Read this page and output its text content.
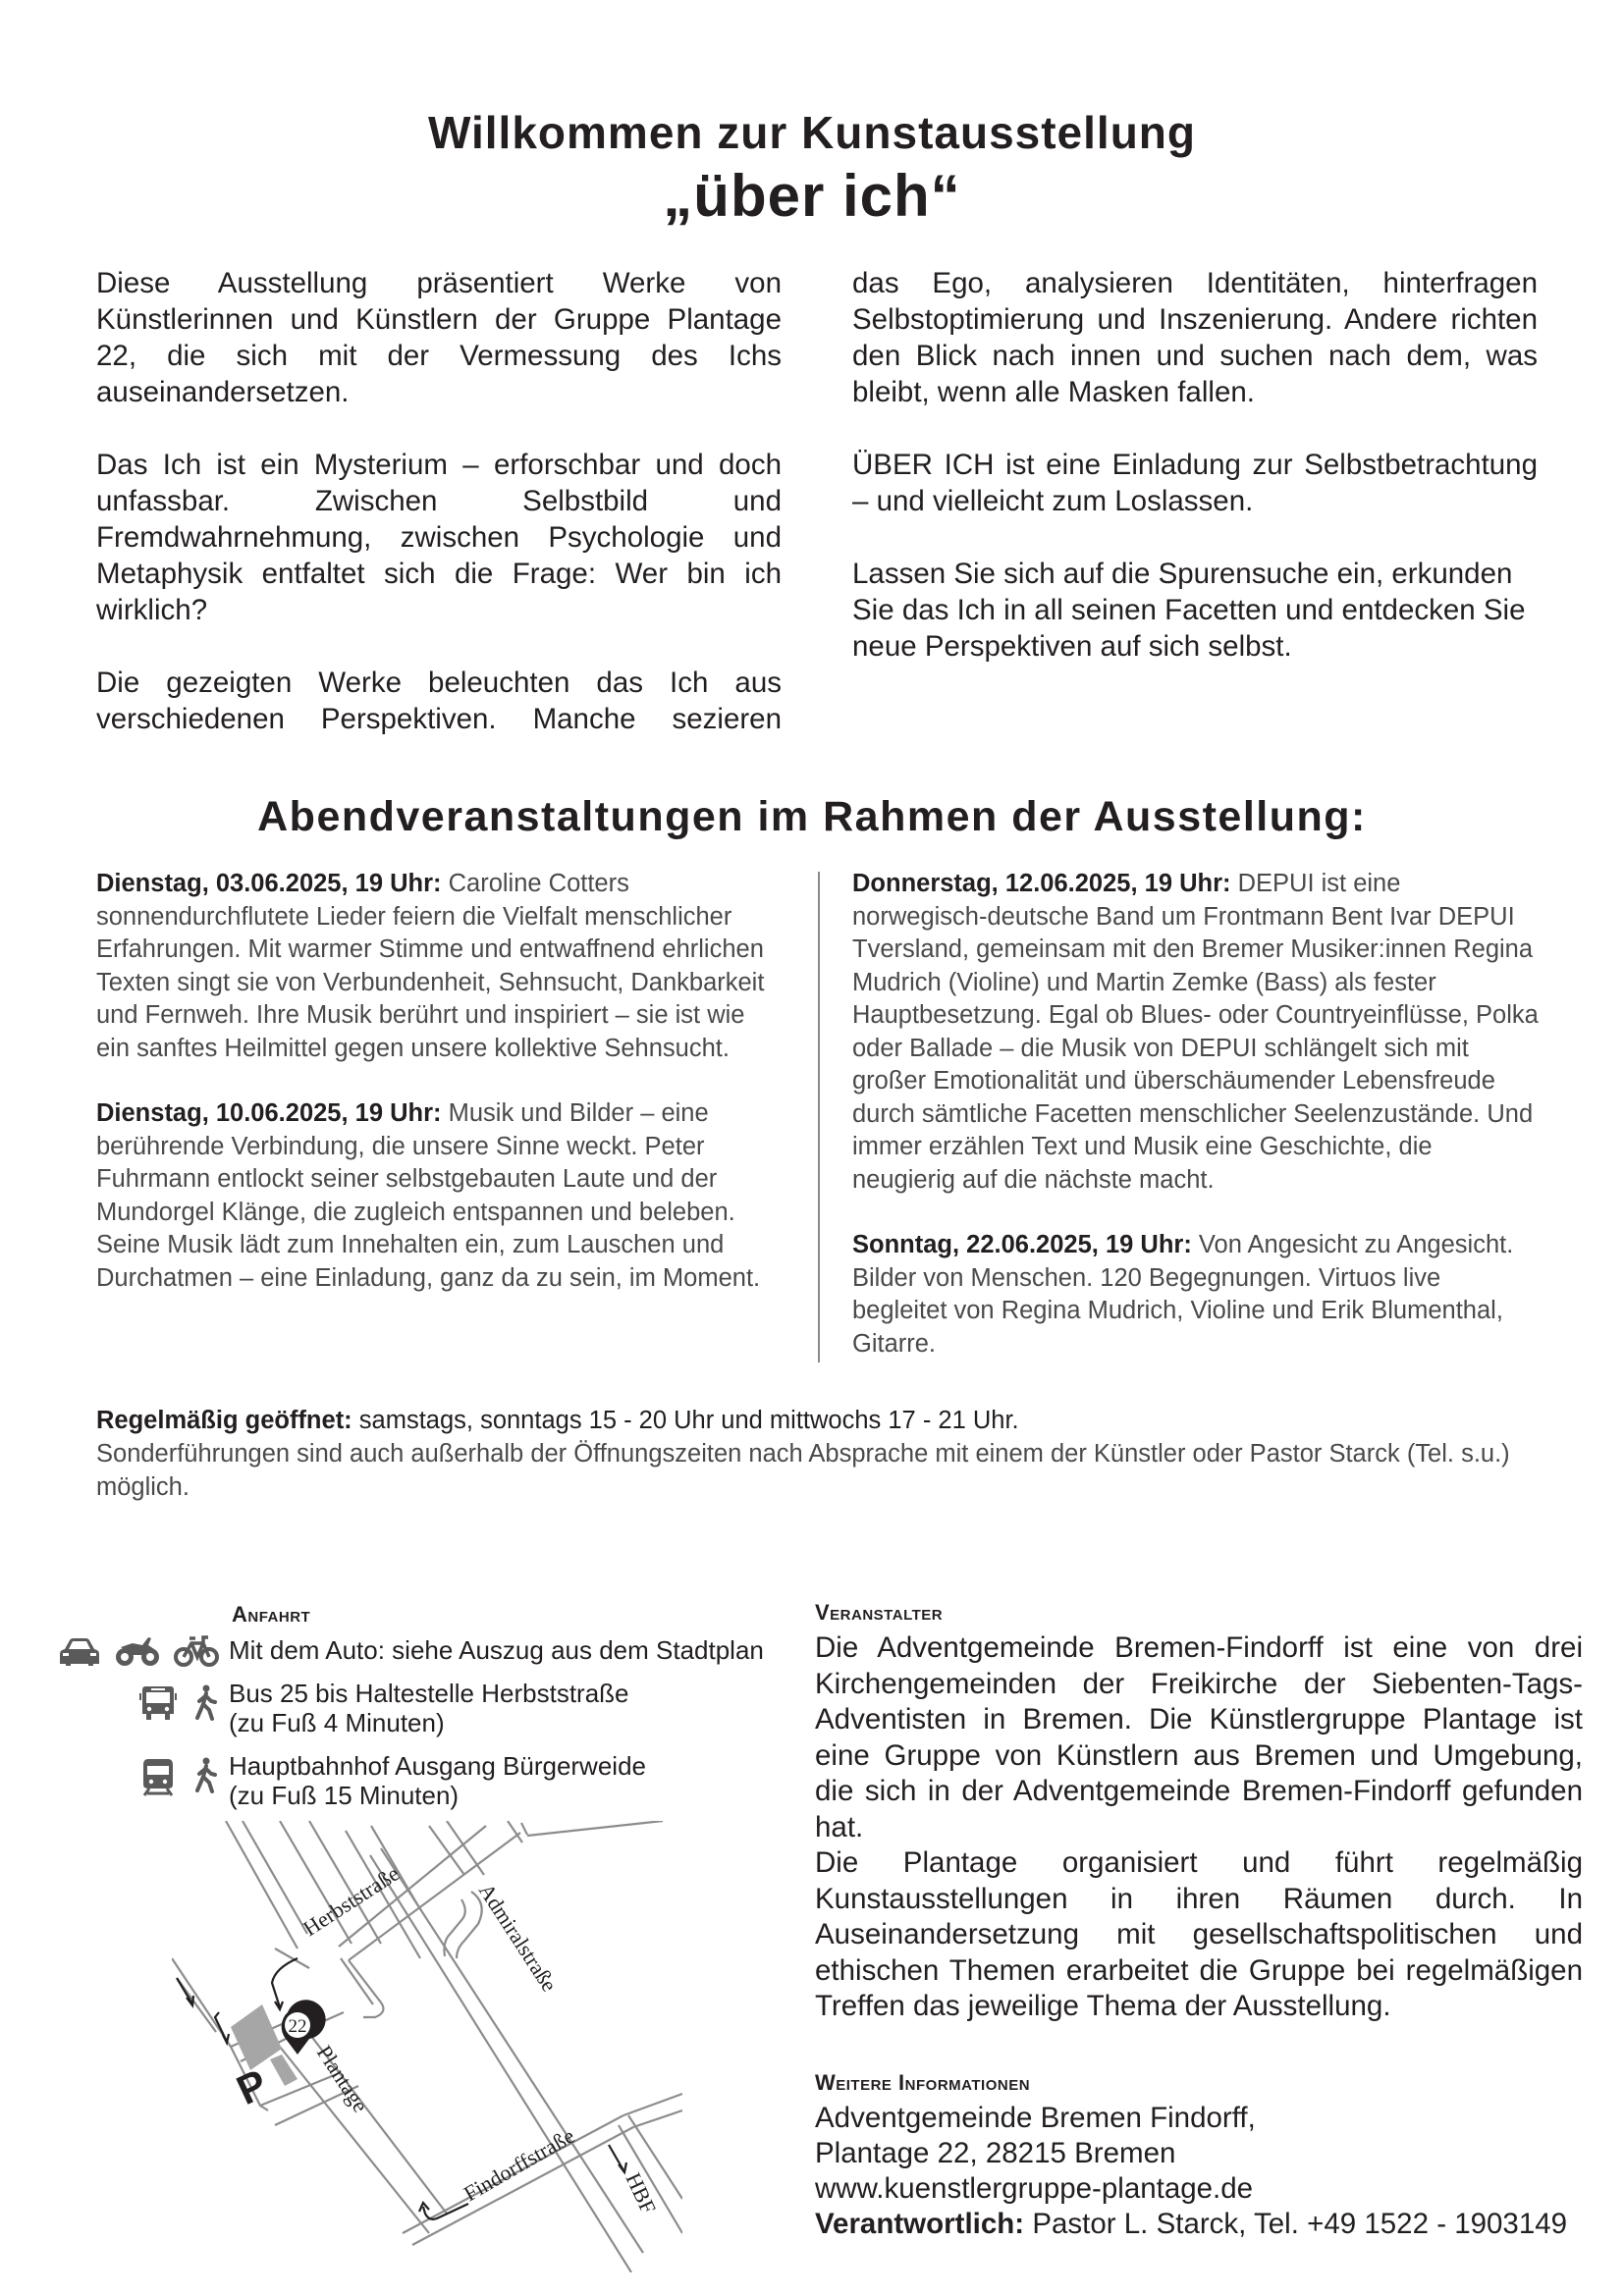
Willkommen zur Kunstausstellung
„über ich“

Diese Ausstellung präsentiert Werke von Künstlerinnen und Künstlern der Gruppe Plantage 22, die sich mit der Vermessung des Ichs auseinandersetzen.

Das Ich ist ein Mysterium – erforschbar und doch unfassbar. Zwischen Selbstbild und Fremdwahrnehmung, zwischen Psychologie und Metaphysik entfaltet sich die Frage: Wer bin ich wirklich?

Die gezeigten Werke beleuchten das Ich aus verschiedenen Perspektiven. Manche sezieren

das Ego, analysieren Identitäten, hinterfragen Selbstoptimierung und Inszenierung. Andere richten den Blick nach innen und suchen nach dem, was bleibt, wenn alle Masken fallen.

ÜBER ICH ist eine Einladung zur Selbstbetrachtung – und vielleicht zum Loslassen.

Lassen Sie sich auf die Spurensuche ein, erkunden Sie das Ich in all seinen Facetten und entdecken Sie neue Perspektiven auf sich selbst.

Abendveranstaltungen im Rahmen der Ausstellung:

Dienstag, 03.06.2025, 19 Uhr: Caroline Cotters sonnendurchflutete Lieder feiern die Vielfalt menschlicher Erfahrungen. Mit warmer Stimme und entwaffnend ehrlichen Texten singt sie von Verbundenheit, Sehnsucht, Dankbarkeit und Fernweh. Ihre Musik berührt und inspiriert – sie ist wie ein sanftes Heilmittel gegen unsere kollektive Sehnsucht.

Dienstag, 10.06.2025, 19 Uhr: Musik und Bilder – eine berührende Verbindung, die unsere Sinne weckt. Peter Fuhrmann entlockt seiner selbstgebauten Laute und der Mundorgel Klänge, die zugleich entspannen und beleben. Seine Musik lädt zum Innehalten ein, zum Lauschen und Durchatmen – eine Einladung, ganz da zu sein, im Moment.

Donnerstag, 12.06.2025, 19 Uhr: DEPUI ist eine norwegisch-deutsche Band um Frontmann Bent Ivar DEPUI Tversland, gemeinsam mit den Bremer Musiker:innen Regina Mudrich (Violine) und Martin Zemke (Bass) als fester Hauptbesetzung. Egal ob Blues- oder Countryeinflüsse, Polka oder Ballade – die Musik von DEPUI schlängelt sich mit großer Emotionalität und überschäumender Lebensfreude durch sämtliche Facetten menschlicher Seelenzustände. Und immer erzählen Text und Musik eine Geschichte, die neugierig auf die nächste macht.

Sonntag, 22.06.2025, 19 Uhr: Von Angesicht zu Angesicht. Bilder von Menschen. 120 Begegnungen. Virtuos live begleitet von Regina Mudrich, Violine und Erik Blumenthal, Gitarre.

Regelmäßig geöffnet: samstags, sonntags 15 - 20 Uhr und mittwochs 17 - 21 Uhr.
Sonderführungen sind auch außerhalb der Öffnungszeiten nach Absprache mit einem der Künstler oder Pastor Starck (Tel. s.u.) möglich.
Anfahrt
Mit dem Auto: siehe Auszug aus dem Stadtplan
Bus 25 bis Haltestelle Herbststraße
(zu Fuß 4 Minuten)
Hauptbahnhof Ausgang Bürgerweide
(zu Fuß 15 Minuten)
P
22
Herbststraße	Admiralstraße
Plantage
Findorffstraße HBF
Veranstalter

Die Adventgemeinde Bremen-Findorff ist eine von drei Kirchengemeinden der Freikirche der Siebenten-Tags-Adventisten in Bremen. Die Künstlergruppe Plantage ist eine Gruppe von Künstlern aus Bremen und Umgebung, die sich in der Adventgemeinde Bremen-Findorff gefunden hat.

Die Plantage organisiert und führt regelmäßig Kunstausstellungen in ihren Räumen durch. In Auseinandersetzung mit gesellschaftspolitischen und ethischen Themen erarbeitet die Gruppe bei regelmäßigen Treffen das jeweilige Thema der Ausstellung.

Weitere Informationen
Adventgemeinde Bremen Findorff,
Plantage 22, 28215 Bremen
www.kuenstlergruppe-plantage.de
Verantwortlich: Pastor L. Starck, Tel. +49 1522 - 1903149
